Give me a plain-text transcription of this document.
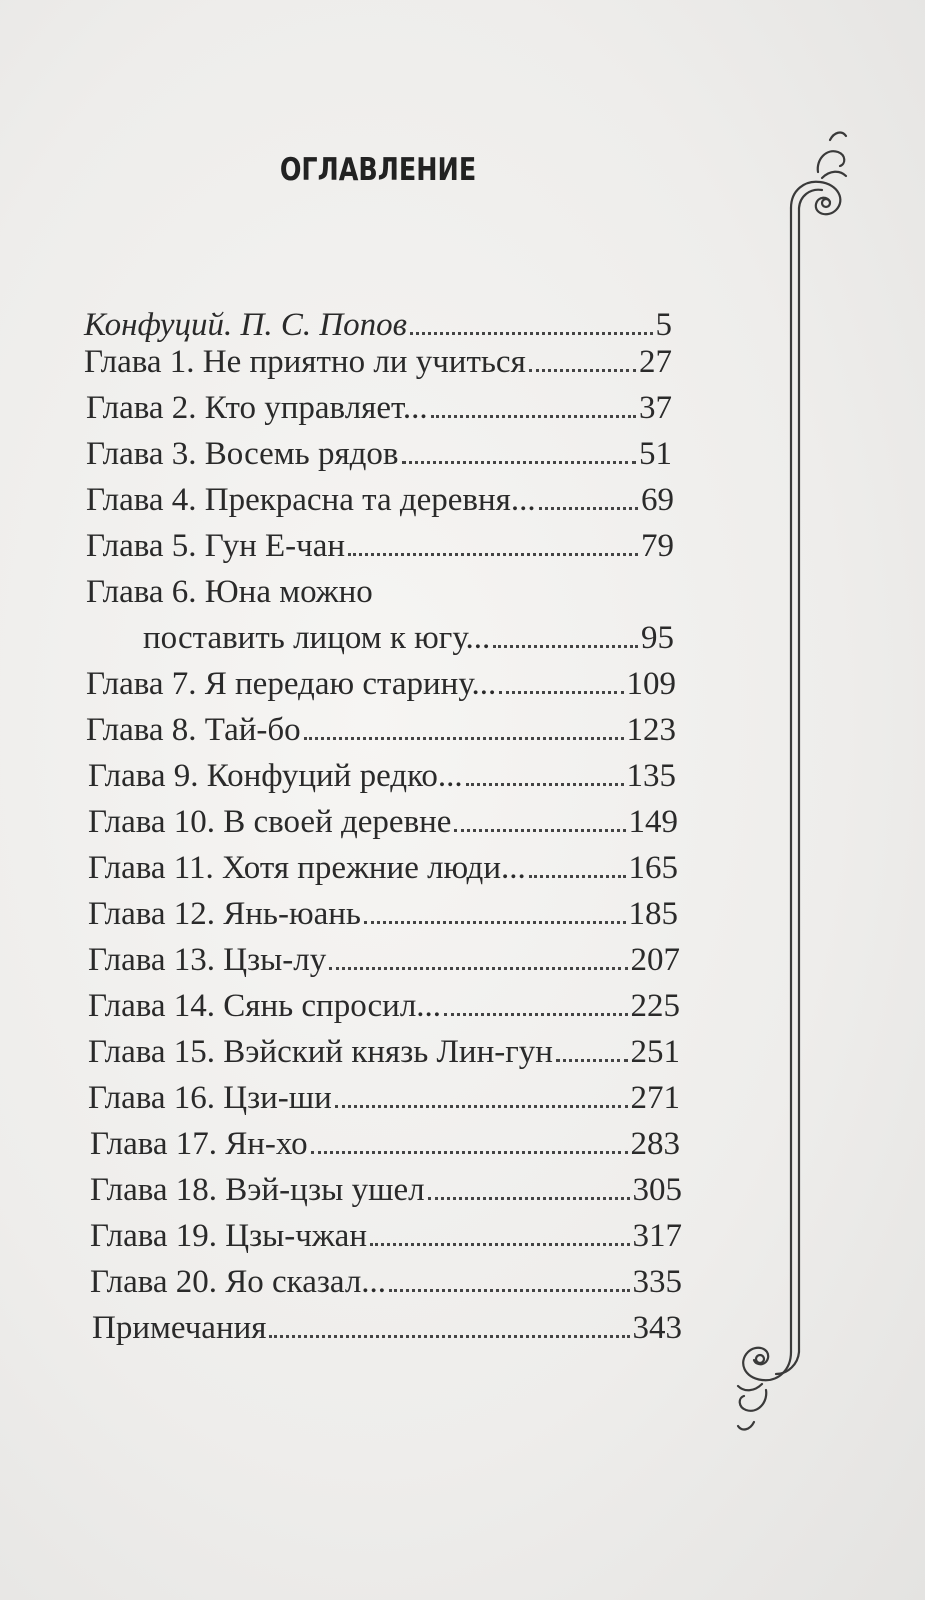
ОГЛАВЛЕНИЕ
Конфуций. П. С. Попов	5
Глава 1. Не приятно ли учиться	27
Глава 2. Кто управляет...	37
Глава 3. Восемь рядов	51
Глава 4. Прекрасна та деревня...	69
Глава 5. Гун Е-чан	79
Глава 6. Юна можно
поставить лицом к югу...	95
Глава 7. Я передаю старину...	109
Глава 8. Тай-бо	123
Глава 9. Конфуций редко...	135
Глава 10. В своей деревне	149
Глава 11. Хотя прежние люди...	165
Глава 12. Янь-юань	185
Глава 13. Цзы-лу	207
Глава 14. Сянь спросил...	225
Глава 15. Вэйский князь Лин-гун 251
Глава 16. Цзи-ши	271
Глава 17. Ян-хо	283
Глава 18. Вэй-цзы ушел	305
Глава 19. Цзы-чжан	317
Глава 20. Яо сказал...	335
Примечания	343
